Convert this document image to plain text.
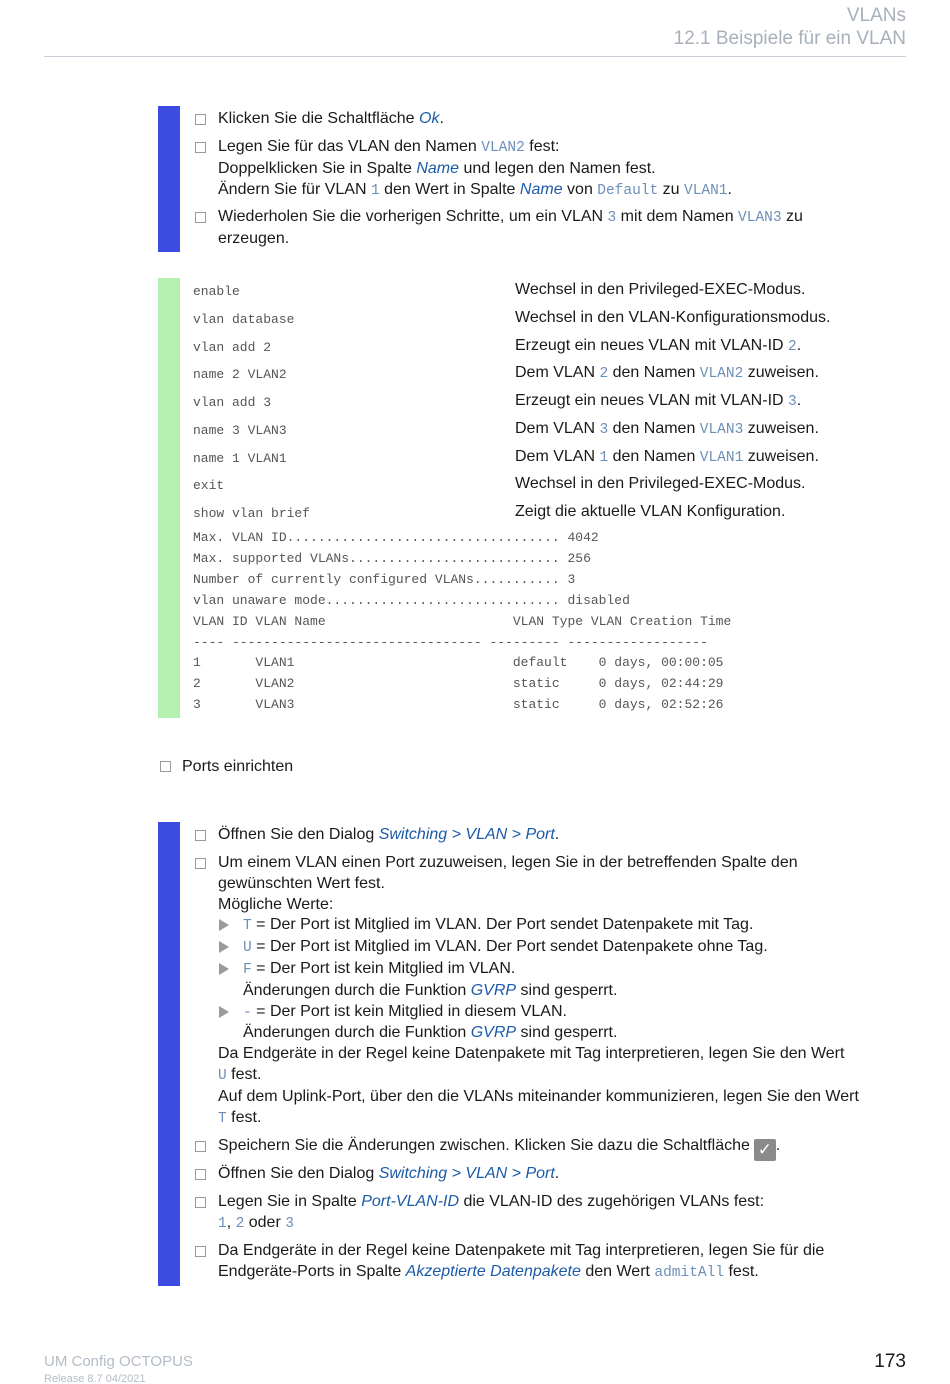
VLANs
12.1 Beispiele für ein VLAN
Klicken Sie die Schaltfläche Ok.
Legen Sie für das VLAN den Namen VLAN2 fest:
Doppelklicken Sie in Spalte Name und legen den Namen fest.
Ändern Sie für VLAN 1 den Wert in Spalte Name von Default zu VLAN1.
Wiederholen Sie die vorherigen Schritte, um ein VLAN 3 mit dem Namen VLAN3 zu
erzeugen.
enable	Wechsel in den Privileged-EXEC-Modus.
vlan database	Wechsel in den VLAN-Konfigurationsmodus.
vlan add 2	Erzeugt ein neues VLAN mit VLAN-ID 2.
name 2 VLAN2	Dem VLAN 2 den Namen VLAN2 zuweisen.
vlan add 3	Erzeugt ein neues VLAN mit VLAN-ID 3.
name 3 VLAN3	Dem VLAN 3 den Namen VLAN3 zuweisen.
name 1 VLAN1	Dem VLAN 1 den Namen VLAN1 zuweisen.
exit	Wechsel in den Privileged-EXEC-Modus.
show vlan brief	Zeigt die aktuelle VLAN Konfiguration.
Max. VLAN ID................................... 4042
Max. supported VLANs........................... 256
Number of currently configured VLANs........... 3
vlan unaware mode.............................. disabled
VLAN ID VLAN Name                        VLAN Type VLAN Creation Time
---- -------------------------------- --------- ------------------
1       VLAN1                            default    0 days, 00:00:05
2       VLAN2                            static     0 days, 02:44:29
3       VLAN3                            static     0 days, 02:52:26
Ports einrichten
Öffnen Sie den Dialog Switching > VLAN > Port.
Um einem VLAN einen Port zuzuweisen, legen Sie in der betreffenden Spalte den
gewünschten Wert fest.
Mögliche Werte:
T = Der Port ist Mitglied im VLAN. Der Port sendet Datenpakete mit Tag.
U = Der Port ist Mitglied im VLAN. Der Port sendet Datenpakete ohne Tag.
F = Der Port ist kein Mitglied im VLAN.
Änderungen durch die Funktion GVRP sind gesperrt.
- = Der Port ist kein Mitglied in diesem VLAN.
Änderungen durch die Funktion GVRP sind gesperrt.
Da Endgeräte in der Regel keine Datenpakete mit Tag interpretieren, legen Sie den Wert
U fest.
Auf dem Uplink-Port, über den die VLANs miteinander kommunizieren, legen Sie den Wert
T fest.
Speichern Sie die Änderungen zwischen. Klicken Sie dazu die Schaltfläche ✓ .
Öffnen Sie den Dialog Switching > VLAN > Port.
Legen Sie in Spalte Port-VLAN-ID die VLAN-ID des zugehörigen VLANs fest:
1, 2 oder 3
Da Endgeräte in der Regel keine Datenpakete mit Tag interpretieren, legen Sie für die
Endgeräte-Ports in Spalte Akzeptierte Datenpakete den Wert admitAll fest.
UM Config OCTOPUS
Release 8.7 04/2021
173
